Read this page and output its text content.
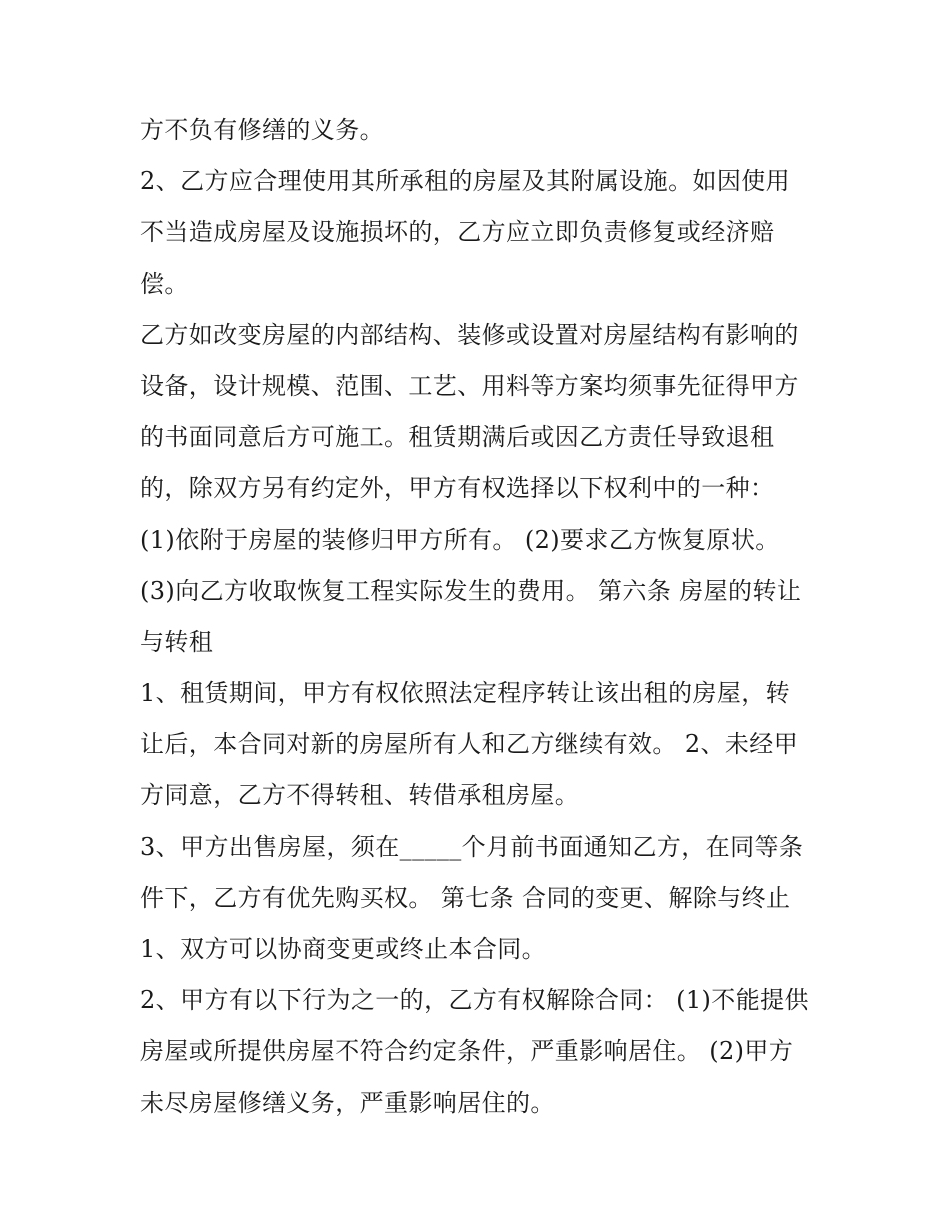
方不负有修缮的义务。
2、乙方应合理使用其所承租的房屋及其附属设施。如因使用
不当造成房屋及设施损坏的，乙方应立即负责修复或经济赔
偿。
乙方如改变房屋的内部结构、装修或设置对房屋结构有影响的
设备，设计规模、范围、工艺、用料等方案均须事先征得甲方
的书面同意后方可施工。租赁期满后或因乙方责任导致退租
的，除双方另有约定外，甲方有权选择以下权利中的一种：
(1)依附于房屋的装修归甲方所有。 (2)要求乙方恢复原状。
(3)向乙方收取恢复工程实际发生的费用。 第六条 房屋的转让
与转租
1、租赁期间，甲方有权依照法定程序转让该出租的房屋，转
让后，本合同对新的房屋所有人和乙方继续有效。 2、未经甲
方同意，乙方不得转租、转借承租房屋。
3、甲方出售房屋，须在_____个月前书面通知乙方，在同等条
件下，乙方有优先购买权。 第七条 合同的变更、解除与终止
1、双方可以协商变更或终止本合同。
2、甲方有以下行为之一的，乙方有权解除合同： (1)不能提供
房屋或所提供房屋不符合约定条件，严重影响居住。 (2)甲方
未尽房屋修缮义务，严重影响居住的。
